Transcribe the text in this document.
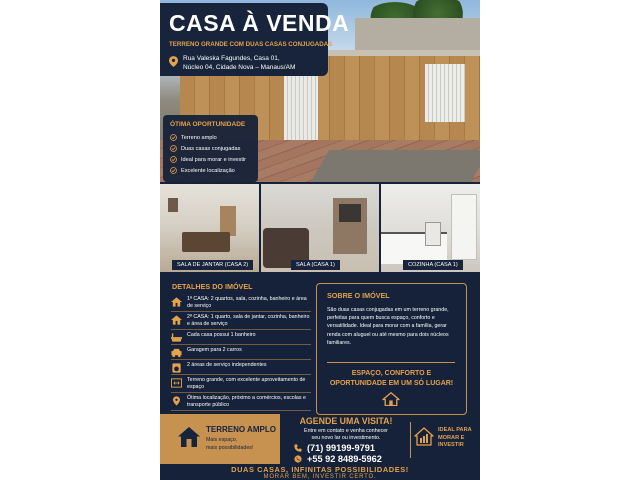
CASA À VENDA
TERRENO GRANDE COM DUAS CASAS CONJUGADAS
Rua Valeska Fagundes, Casa 01,
Núcleo 04, Cidade Nova – Manaus/AM
ÓTIMA OPORTUNIDADE
Terreno amplo
Duas casas conjugadas
Ideal para morar e investir
Excelente localização
SALA DE JANTAR (CASA 2)	SALA (CASA 1)	COZINHA (CASA 1)
DETALHES DO IMÓVEL
1ª CASA: 2 quartos, sala, cozinha, banheiro e área de serviço
2ª CASA: 1 quarto, sala de jantar, cozinha, banheiro e área de serviço
Cada casa possui 1 banheiro
Garagem para 2 carros
2 áreas de serviço independentes
Terreno grande, com excelente aproveitamento de espaço
Ótima localização, próximo a comércios, escolas e transporte público
SOBRE O IMÓVEL
São duas casas conjugadas em um terreno grande, perfeitas para quem busca espaço, conforto e versatilidade. Ideal para morar com a família, gerar renda com aluguel ou até mesmo para dois núcleos familiares.
ESPAÇO, CONFORTO E
OPORTUNIDADE EM UM SÓ LUGAR!
TERRENO AMPLO
Mais espaço,
mais possibilidades!
AGENDE UMA VISITA!
Entre em contato e venha conhecer
seu novo lar ou investimento.
(71) 99199-9791
+55 92 8489-5962
IDEAL PARA
MORAR E
INVESTIR
DUAS CASAS, INFINITAS POSSIBILIDADES!
MORAR BEM, INVESTIR CERTO.
